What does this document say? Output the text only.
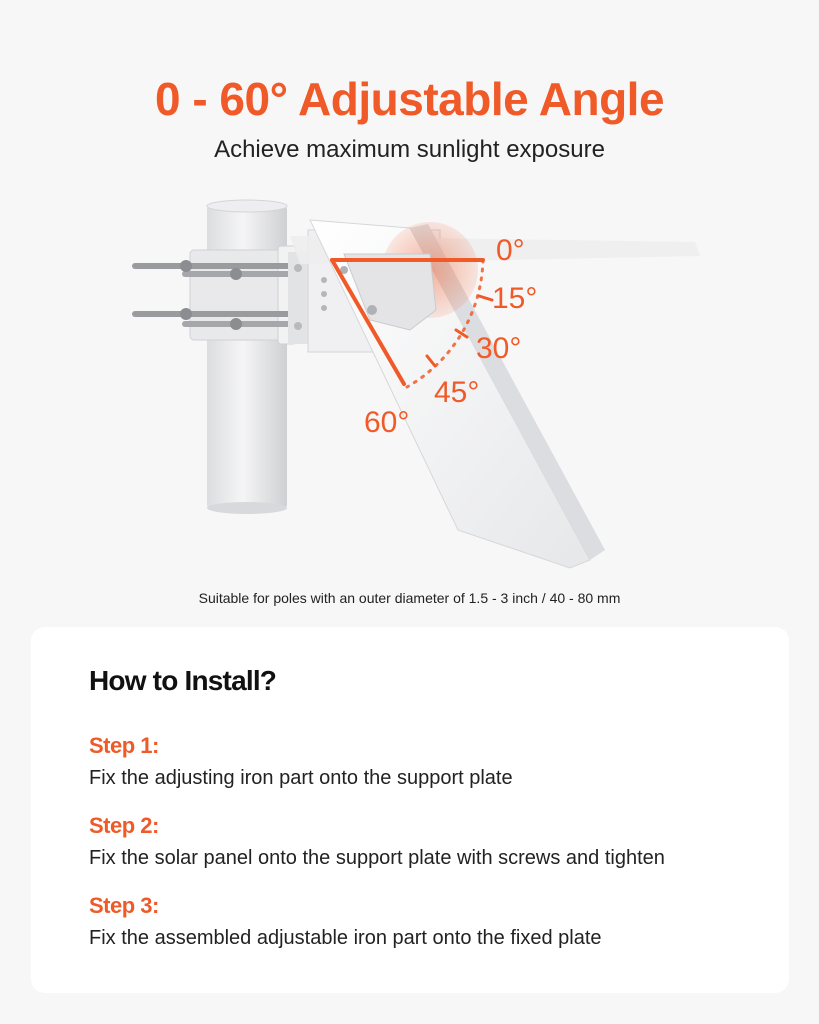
0 - 60° Adjustable Angle

Achieve maximum sunlight exposure

0°
15°
30°
45°
60°
Suitable for poles with an outer diameter of 1.5 - 3 inch / 40 - 80 mm
How to Install?
Step 1:

Fix the adjusting iron part onto the support plate

Step 2:

Fix the solar panel onto the support plate with screws and tighten

Step 3:

Fix the assembled adjustable iron part onto the fixed plate
